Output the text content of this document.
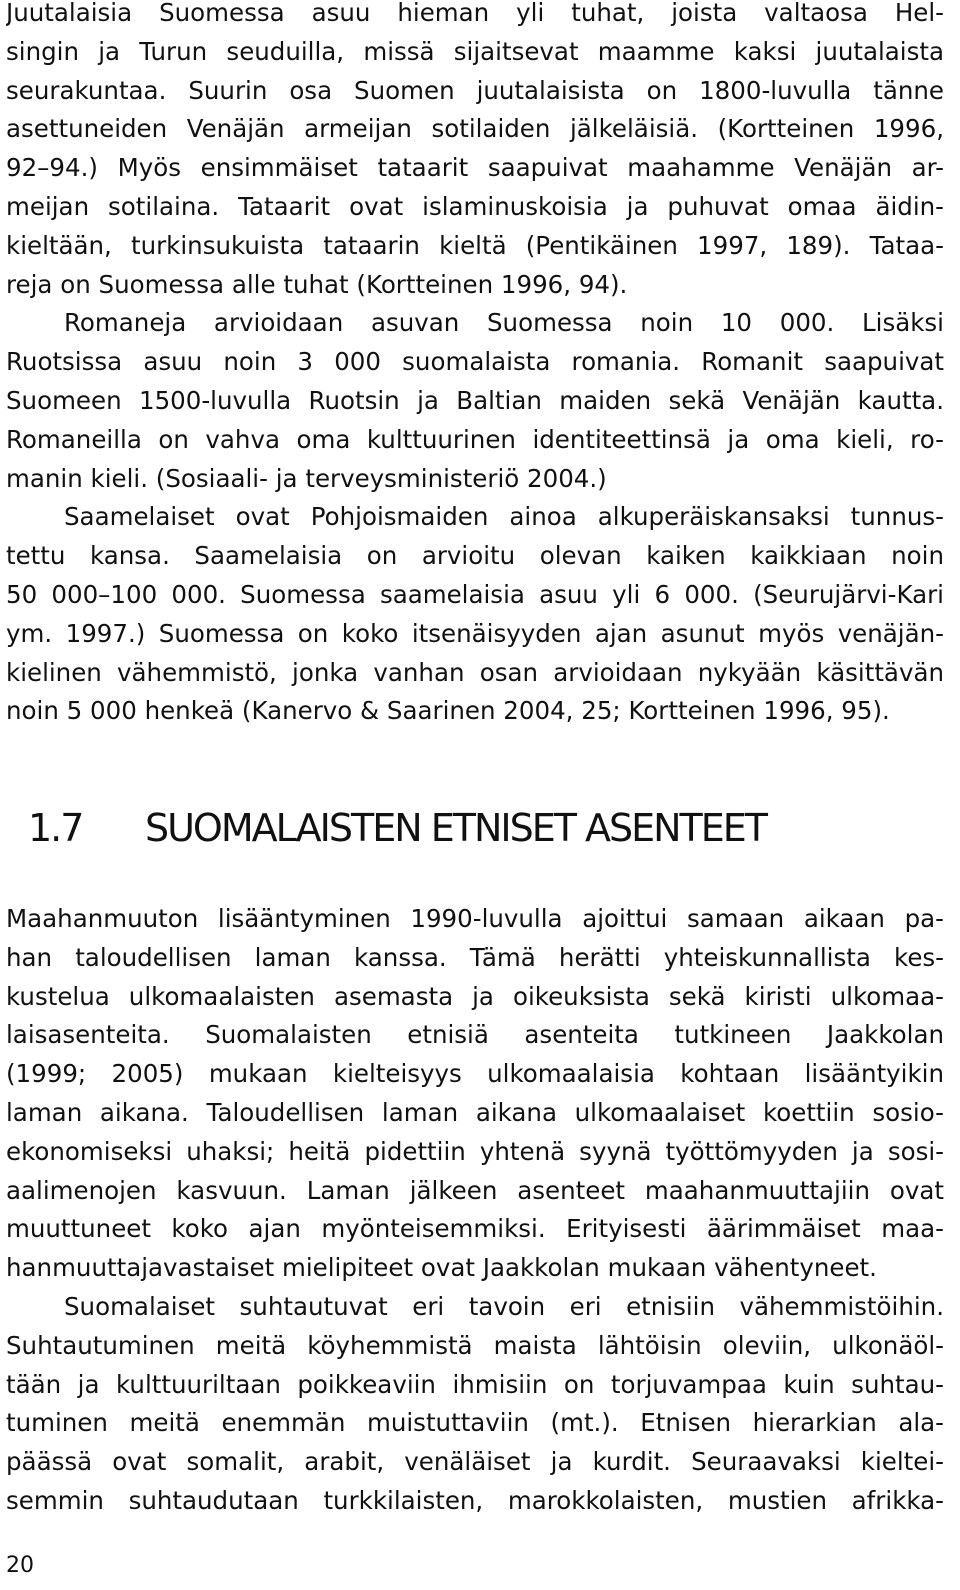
Juutalaisia Suomessa asuu hieman yli tuhat, joista valtaosa Hel-
singin ja Turun seuduilla, missä sijaitsevat maamme kaksi juutalaista
seurakuntaa. Suurin osa Suomen juutalaisista on 1800-luvulla tänne
asettuneiden Venäjän armeijan sotilaiden jälkeläisiä. (Kortteinen 1996,
92–94.) Myös ensimmäiset tataarit saapuivat maahamme Venäjän ar-
meijan sotilaina. Tataarit ovat islaminuskoisia ja puhuvat omaa äidin-
kieltään, turkinsukuista tataarin kieltä (Pentikäinen 1997, 189). Tataa-
reja on Suomessa alle tuhat (Kortteinen 1996, 94).
Romaneja arvioidaan asuvan Suomessa noin 10 000. Lisäksi
Ruotsissa asuu noin 3 000 suomalaista romania. Romanit saapuivat
Suomeen 1500-luvulla Ruotsin ja Baltian maiden sekä Venäjän kautta.
Romaneilla on vahva oma kulttuurinen identiteettinsä ja oma kieli, ro-
manin kieli. (Sosiaali- ja terveysministeriö 2004.)
Saamelaiset ovat Pohjoismaiden ainoa alkuperäiskansaksi tunnus-
tettu kansa. Saamelaisia on arvioitu olevan kaiken kaikkiaan noin
50 000–100 000. Suomessa saamelaisia asuu yli 6 000. (Seurujärvi-Kari
ym. 1997.) Suomessa on koko itsenäisyyden ajan asunut myös venäjän-
kielinen vähemmistö, jonka vanhan osan arvioidaan nykyään käsittävän
noin 5 000 henkeä (Kanervo & Saarinen 2004, 25; Kortteinen 1996, 95).
1.7 SUOMALAISTEN ETNISET ASENTEET
Maahanmuuton lisääntyminen 1990-luvulla ajoittui samaan aikaan pa-
han taloudellisen laman kanssa. Tämä herätti yhteiskunnallista kes-
kustelua ulkomaalaisten asemasta ja oikeuksista sekä kiristi ulkomaa-
laisasenteita. Suomalaisten etnisiä asenteita tutkineen Jaakkolan
(1999; 2005) mukaan kielteisyys ulkomaalaisia kohtaan lisääntyikin
laman aikana. Taloudellisen laman aikana ulkomaalaiset koettiin sosio-
ekonomiseksi uhaksi; heitä pidettiin yhtenä syynä työttömyyden ja sosi-
aalimenojen kasvuun. Laman jälkeen asenteet maahanmuuttajiin ovat
muuttuneet koko ajan myönteisemmiksi. Erityisesti äärimmäiset maa-
hanmuuttajavastaiset mielipiteet ovat Jaakkolan mukaan vähentyneet.
Suomalaiset suhtautuvat eri tavoin eri etnisiin vähemmistöihin.
Suhtautuminen meitä köyhemmistä maista lähtöisin oleviin, ulkonäöl-
tään ja kulttuuriltaan poikkeaviin ihmisiin on torjuvampaa kuin suhtau-
tuminen meitä enemmän muistuttaviin (mt.). Etnisen hierarkian ala-
päässä ovat somalit, arabit, venäläiset ja kurdit. Seuraavaksi kieltei-
semmin suhtaudutaan turkkilaisten, marokkolaisten, mustien afrikka-
20
